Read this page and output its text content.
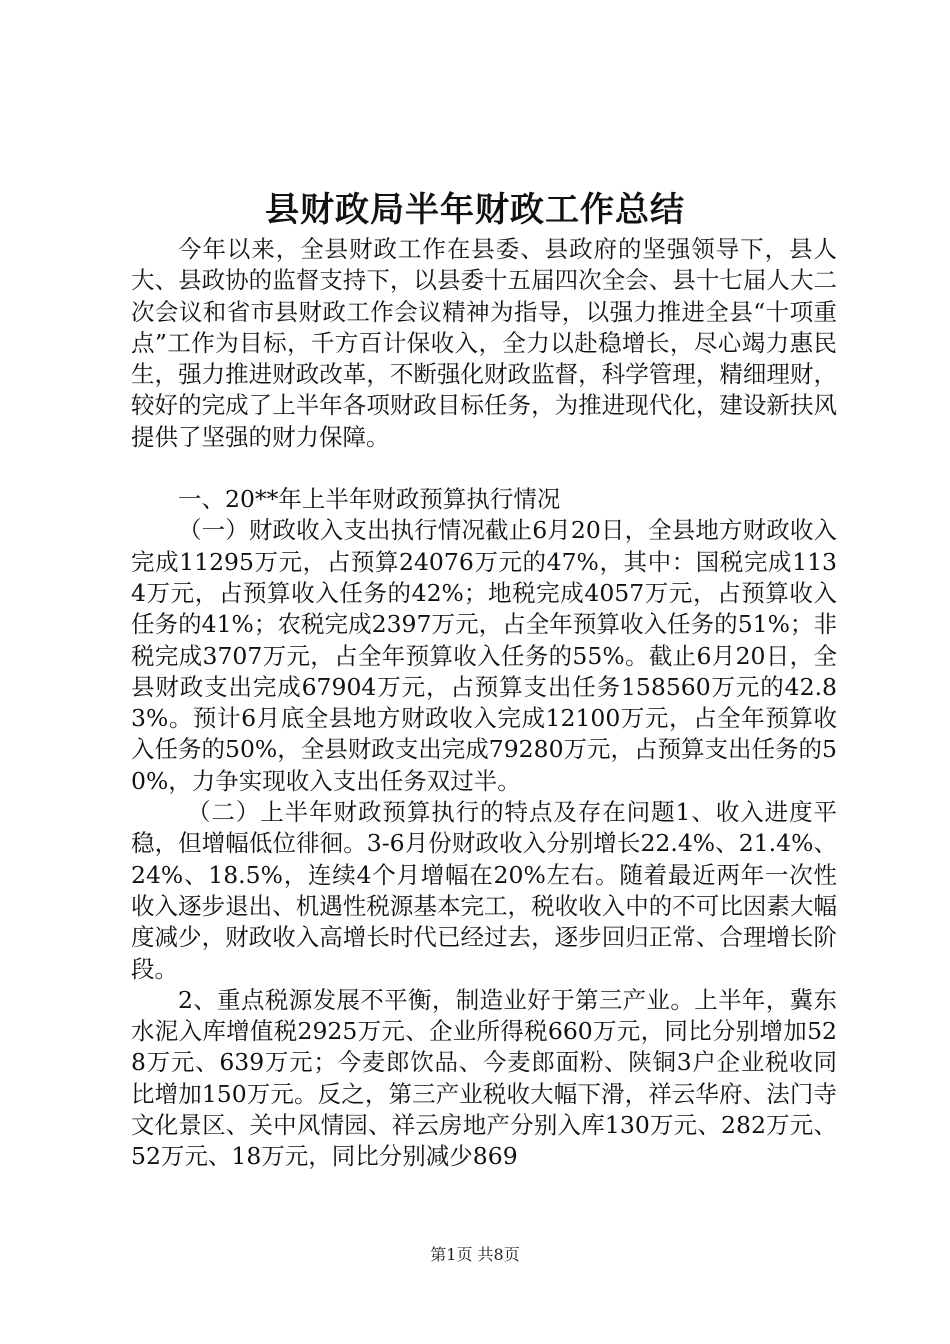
县财政局半年财政工作总结

今年以来，全县财政工作在县委、县政府的坚强领导下，县人大、县政协的监督支持下，以县委十五届四次全会、县十七届人大二次会议和省市县财政工作会议精神为指导，以强力推进全县“十项重点”工作为目标，千方百计保收入，全力以赴稳增长，尽心竭力惠民生，强力推进财政改革，不断强化财政监督，科学管理，精细理财，较好的完成了上半年各项财政目标任务，为推进现代化，建设新扶风提供了坚强的财力保障。

一、20**年上半年财政预算执行情况

（一）财政收入支出执行情况截止6月20日，全县地方财政收入完成11295万元，占预算24076万元的47%，其中：国税完成1134万元，占预算收入任务的42%；地税完成4057万元，占预算收入任务的41%；农税完成2397万元，占全年预算收入任务的51%；非税完成3707万元，占全年预算收入任务的55%。截止6月20日，全县财政支出完成67904万元，占预算支出任务158560万元的42.83%。预计6月底全县地方财政收入完成12100万元，占全年预算收入任务的50%，全县财政支出完成79280万元，占预算支出任务的50%，力争实现收入支出任务双过半。

（二）上半年财政预算执行的特点及存在问题1、收入进度平稳，但增幅低位徘徊。3-6月份财政收入分别增长22.4%、21.4%、24%、18.5%，连续4个月增幅在20%左右。随着最近两年一次性收入逐步退出、机遇性税源基本完工，税收收入中的不可比因素大幅度减少，财政收入高增长时代已经过去，逐步回归正常、合理增长阶段。

2、重点税源发展不平衡，制造业好于第三产业。上半年，冀东水泥入库增值税2925万元、企业所得税660万元，同比分别增加528万元、639万元；今麦郎饮品、今麦郎面粉、陕铜3户企业税收同比增加150万元。反之，第三产业税收大幅下滑，祥云华府、法门寺文化景区、关中风情园、祥云房地产分别入库130万元、282万元、52万元、18万元，同比分别减少869

第1页 共8页
